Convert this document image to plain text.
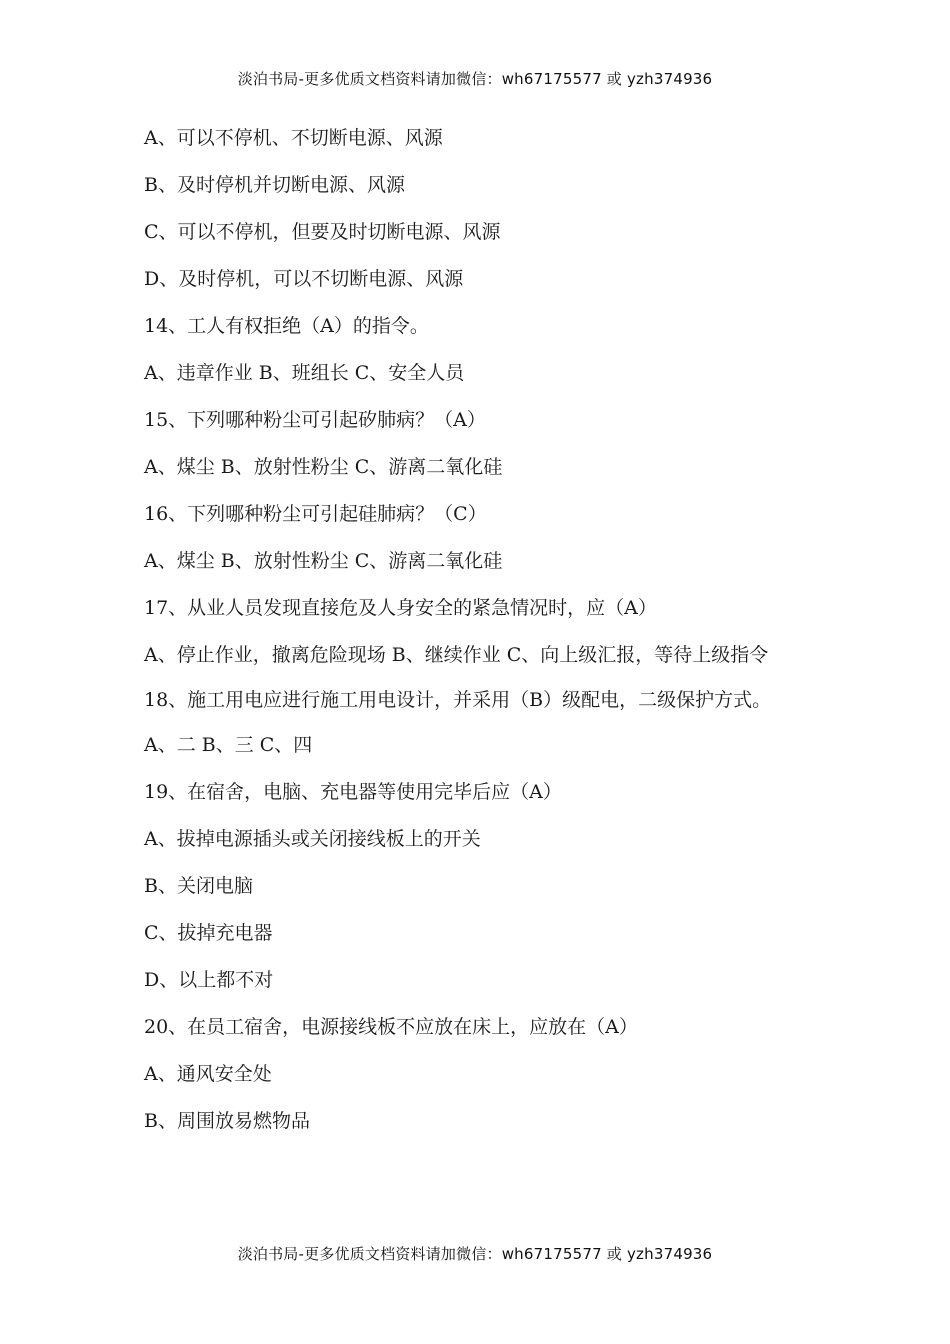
淡泊书局-更多优质文档资料请加微信：wh67175577 或 yzh374936

A、可以不停机、不切断电源、风源

B、及时停机并切断电源、风源

C、可以不停机，但要及时切断电源、风源

D、及时停机，可以不切断电源、风源

14、工人有权拒绝（A）的指令。

A、违章作业 B、班组长 C、安全人员

15、下列哪种粉尘可引起矽肺病？（A）

A、煤尘 B、放射性粉尘 C、游离二氧化硅

16、下列哪种粉尘可引起硅肺病？（C）

A、煤尘 B、放射性粉尘 C、游离二氧化硅

17、从业人员发现直接危及人身安全的紧急情况时，应（A）

A、停止作业，撤离危险现场 B、继续作业 C、向上级汇报，等待上级指令

18、施工用电应进行施工用电设计，并采用（B）级配电，二级保护方式。

A、二 B、三 C、四

19、在宿舍，电脑、充电器等使用完毕后应（A）

A、拔掉电源插头或关闭接线板上的开关

B、关闭电脑

C、拔掉充电器

D、以上都不对

20、在员工宿舍，电源接线板不应放在床上，应放在（A）

A、通风安全处

B、周围放易燃物品

淡泊书局-更多优质文档资料请加微信：wh67175577 或 yzh374936
